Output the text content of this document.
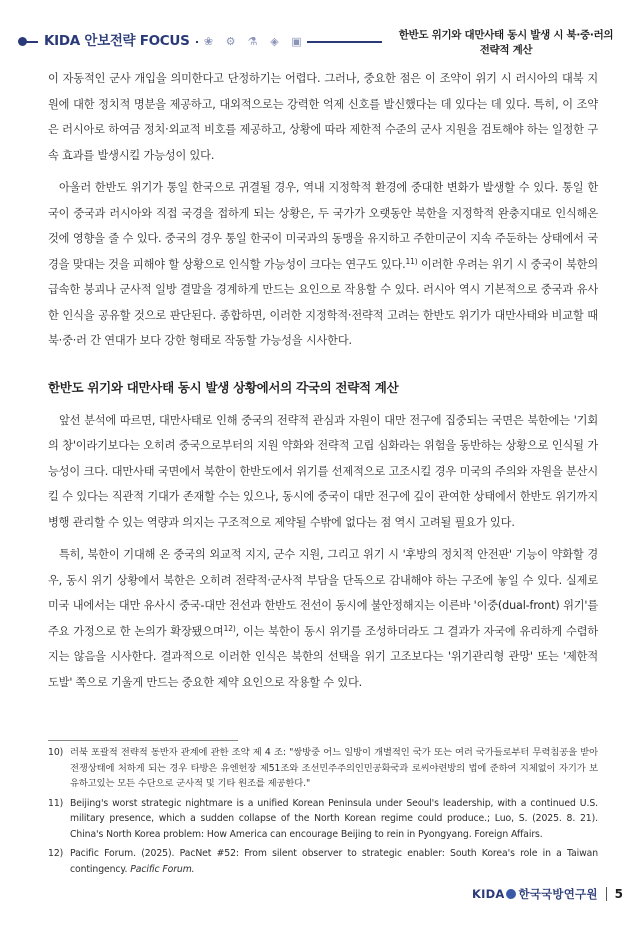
KIDA 안보전략 FOCUS	❀ ⚙ ⚗ ◈ ▣	한반도 위기와 대만사태 동시 발생 시 북·중·러의
전략적 계산

이 자동적인 군사 개입을 의미한다고 단정하기는 어렵다. 그러나, 중요한 점은 이 조약이 위기 시 러시아의 대북 지원에 대한 정치적 명분을 제공하고, 대외적으로는 강력한 억제 신호를 발신했다는 데 있다는 데 있다. 특히, 이 조약은 러시아로 하여금 정치·외교적 비호를 제공하고, 상황에 따라 제한적 수준의 군사 지원을 검토해야 하는 일정한 구속 효과를 발생시킬 가능성이 있다.

아울러 한반도 위기가 통일 한국으로 귀결될 경우, 역내 지정학적 환경에 중대한 변화가 발생할 수 있다. 통일 한국이 중국과 러시아와 직접 국경을 접하게 되는 상황은, 두 국가가 오랫동안 북한을 지정학적 완충지대로 인식해온 것에 영향을 줄 수 있다. 중국의 경우 통일 한국이 미국과의 동맹을 유지하고 주한미군이 지속 주둔하는 상태에서 국경을 맞대는 것을 피해야 할 상황으로 인식할 가능성이 크다는 연구도 있다.$^{11)}$ 이러한 우려는 위기 시 중국이 북한의 급속한 붕괴나 군사적 일방 결말을 경계하게 만드는 요인으로 작용할 수 있다. 러시아 역시 기본적으로 중국과 유사한 인식을 공유할 것으로 판단된다. 종합하면, 이러한 지정학적·전략적 고려는 한반도 위기가 대만사태와 비교할 때 북·중·러 간 연대가 보다 강한 형태로 작동할 가능성을 시사한다.

한반도 위기와 대만사태 동시 발생 상황에서의 각국의 전략적 계산

앞선 분석에 따르면, 대만사태로 인해 중국의 전략적 관심과 자원이 대만 전구에 집중되는 국면은 북한에는 '기회의 창'이라기보다는 오히려 중국으로부터의 지원 약화와 전략적 고립 심화라는 위험을 동반하는 상황으로 인식될 가능성이 크다. 대만사태 국면에서 북한이 한반도에서 위기를 선제적으로 고조시킬 경우 미국의 주의와 자원을 분산시킬 수 있다는 직관적 기대가 존재할 수는 있으나, 동시에 중국이 대만 전구에 깊이 관여한 상태에서 한반도 위기까지 병행 관리할 수 있는 역량과 의지는 구조적으로 제약될 수밖에 없다는 점 역시 고려될 필요가 있다.

특히, 북한이 기대해 온 중국의 외교적 지지, 군수 지원, 그리고 위기 시 '후방의 정치적 안전판' 기능이 약화할 경우, 동시 위기 상황에서 북한은 오히려 전략적·군사적 부담을 단독으로 감내해야 하는 구조에 놓일 수 있다. 실제로 미국 내에서는 대만 유사시 중국-대만 전선과 한반도 전선이 동시에 불안정해지는 이른바 '이중(dual-front) 위기'를 주요 가정으로 한 논의가 확장됐으며$^{12)}$, 이는 북한이 동시 위기를 조성하더라도 그 결과가 자국에 유리하게 수렴하지는 않음을 시사한다. 결과적으로 이러한 인식은 북한의 선택을 위기 고조보다는 '위기관리형 관망' 또는 '제한적 도발' 쪽으로 기울게 만드는 중요한 제약 요인으로 작용할 수 있다.

10) 러북 포괄적 전략적 동반자 관계에 관한 조약 제 4 조: "쌍방중 어느 일방이 개별적인 국가 또는 여러 국가들로부터 무력침공을 받아 전쟁상태에 처하게 되는 경우 타방은 유엔헌장 제51조와 조선민주주의인민공화국과 로씨야련방의 법에 준하여 지체없이 자기가 보유하고있는 모든 수단으로 군사적 및 기타 원조를 제공한다."
11) Beijing's worst strategic nightmare is a unified Korean Peninsula under Seoul's leadership, with a continued U.S. military presence, which a sudden collapse of the North Korean regime could produce.; Luo, S. (2025. 8. 21). China's North Korea problem: How America can encourage Beijing to rein in Pyongyang. Foreign Affairs.
12) Pacific Forum. (2025). PacNet #52: From silent observer to strategic enabler: South Korea's role in a Taiwan contingency. Pacific Forum.
KIDA 한국국방연구원 5
